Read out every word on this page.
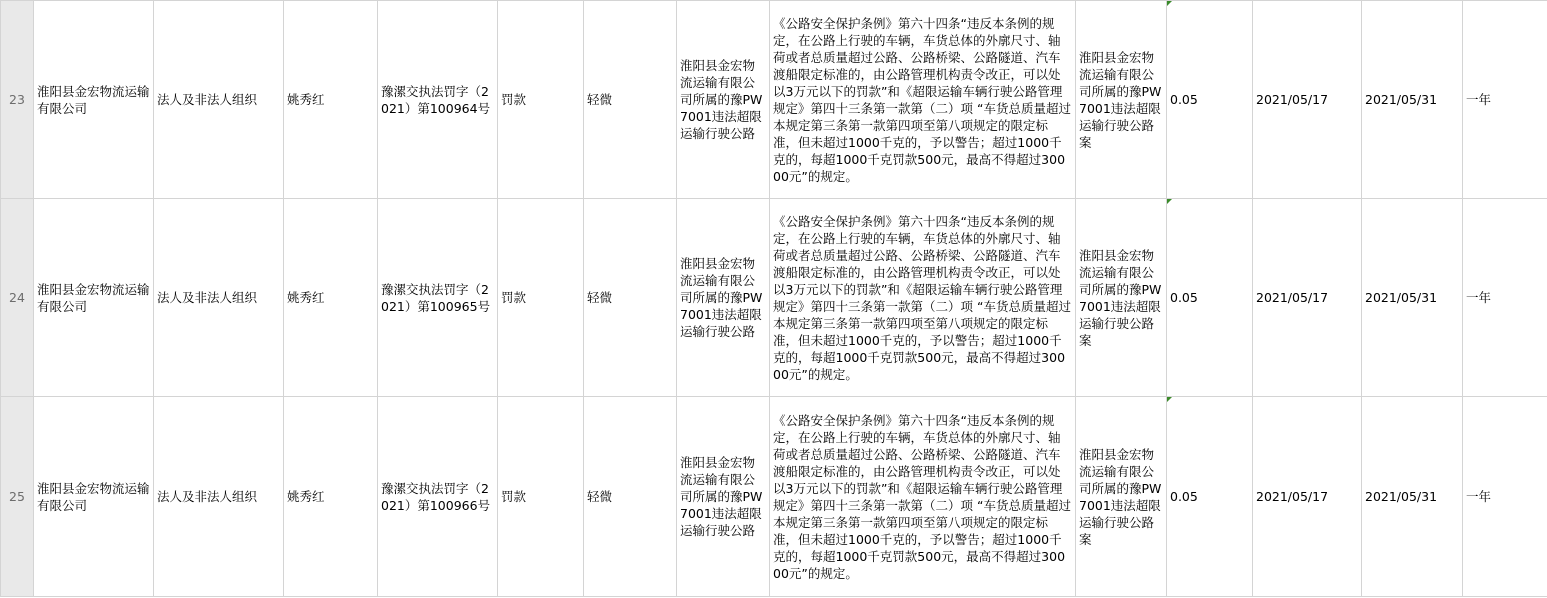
23	淮阳县金宏物流运输有限公司	法人及非法人组织	姚秀红	豫漯交执法罚字（2021）第100964号	罚款	轻微	淮阳县金宏物流运输有限公司所属的豫PW7001违法超限运输行驶公路	《公路安全保护条例》第六十四条“违反本条例的规定，在公路上行驶的车辆，车货总体的外廓尺寸、轴荷或者总质量超过公路、公路桥梁、公路隧道、汽车渡船限定标准的，由公路管理机构责令改正，可以处以3万元以下的罚款”和《超限运输车辆行驶公路管理规定》第四十三条第一款第（二）项 “车货总质量超过本规定第三条第一款第四项至第八项规定的限定标准，但未超过1000千克的，予以警告；超过1000千克的，每超1000千克罚款500元，最高不得超过30000元”的规定。	淮阳县金宏物流运输有限公司所属的豫PW7001违法超限运输行驶公路案	0.05	2021/05/17	2021/05/31	一年
24	淮阳县金宏物流运输有限公司	法人及非法人组织	姚秀红	豫漯交执法罚字（2021）第100965号	罚款	轻微	淮阳县金宏物流运输有限公司所属的豫PW7001违法超限运输行驶公路	《公路安全保护条例》第六十四条“违反本条例的规定，在公路上行驶的车辆，车货总体的外廓尺寸、轴荷或者总质量超过公路、公路桥梁、公路隧道、汽车渡船限定标准的，由公路管理机构责令改正，可以处以3万元以下的罚款”和《超限运输车辆行驶公路管理规定》第四十三条第一款第（二）项 “车货总质量超过本规定第三条第一款第四项至第八项规定的限定标准，但未超过1000千克的，予以警告；超过1000千克的，每超1000千克罚款500元，最高不得超过30000元”的规定。	淮阳县金宏物流运输有限公司所属的豫PW7001违法超限运输行驶公路案	0.05	2021/05/17	2021/05/31	一年
25	淮阳县金宏物流运输有限公司	法人及非法人组织	姚秀红	豫漯交执法罚字（2021）第100966号	罚款	轻微	淮阳县金宏物流运输有限公司所属的豫PW7001违法超限运输行驶公路	《公路安全保护条例》第六十四条“违反本条例的规定，在公路上行驶的车辆，车货总体的外廓尺寸、轴荷或者总质量超过公路、公路桥梁、公路隧道、汽车渡船限定标准的，由公路管理机构责令改正，可以处以3万元以下的罚款”和《超限运输车辆行驶公路管理规定》第四十三条第一款第（二）项 “车货总质量超过本规定第三条第一款第四项至第八项规定的限定标准，但未超过1000千克的，予以警告；超过1000千克的，每超1000千克罚款500元，最高不得超过30000元”的规定。	淮阳县金宏物流运输有限公司所属的豫PW7001违法超限运输行驶公路案	0.05	2021/05/17	2021/05/31	一年
